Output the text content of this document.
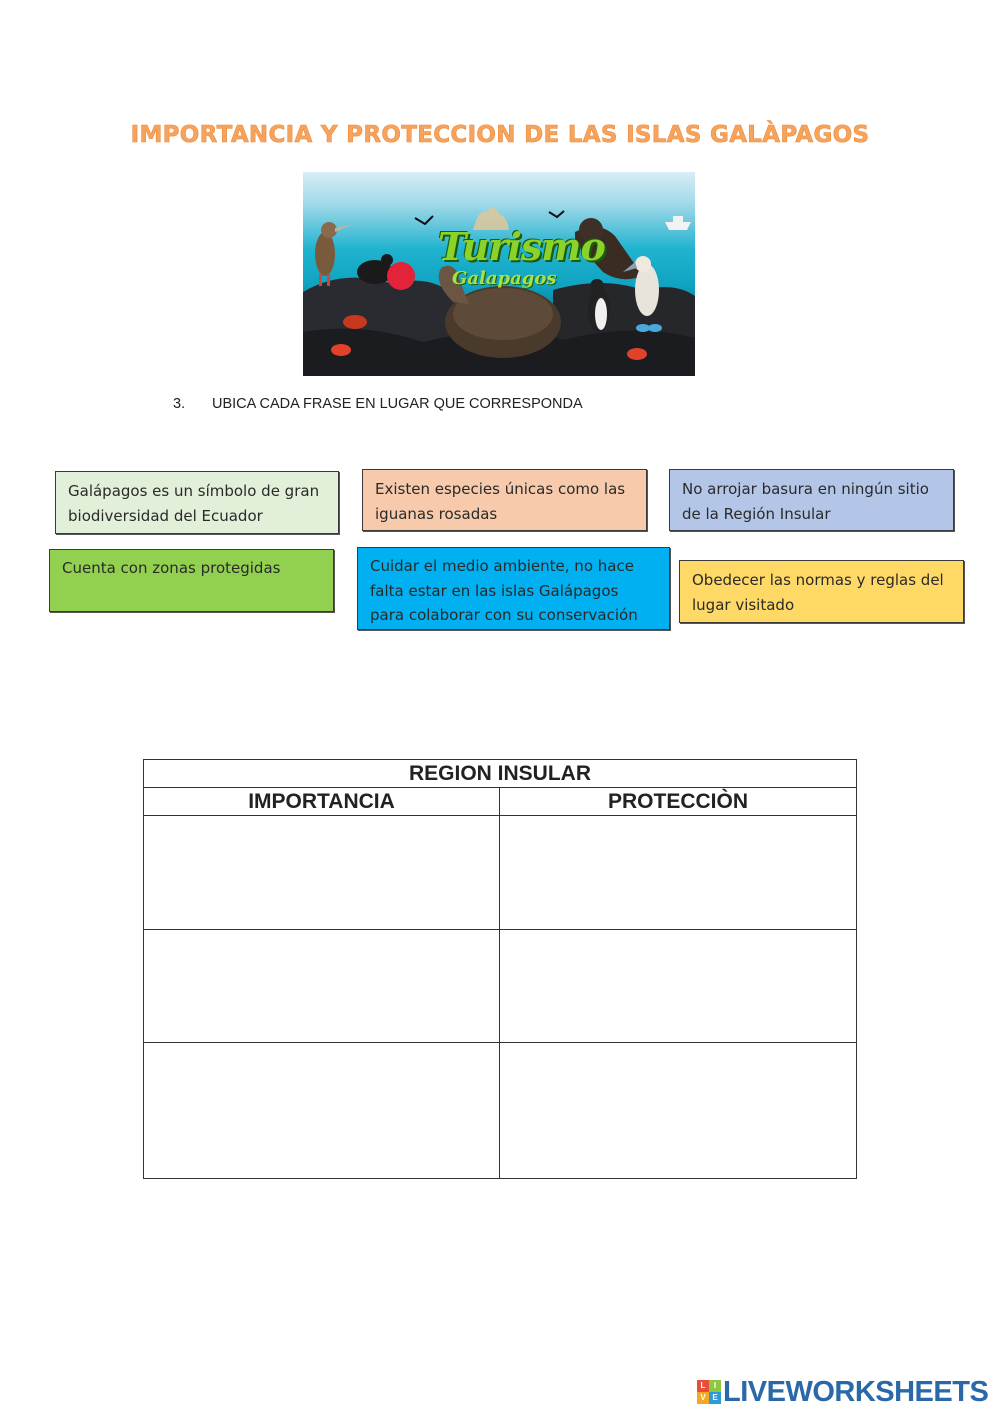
IMPORTANCIA Y PROTECCION DE LAS ISLAS GALÀPAGOS
Turismo
Galapagos
3. UBICA CADA FRASE EN LUGAR QUE CORRESPONDA
Galápagos es un símbolo de gran biodiversidad del Ecuador
Existen especies únicas como las iguanas rosadas
No arrojar basura en ningún sitio de la Región Insular
Cuenta con zonas protegidas	Cuidar el medio ambiente, no hace falta estar en las islas Galápagos para colaborar con su conservación
Obedecer las normas y reglas del lugar visitado
REGION INSULAR	
IMPORTANCIA	PROTECCIÒN

L	I
V E LIVEWORKSHEETS
